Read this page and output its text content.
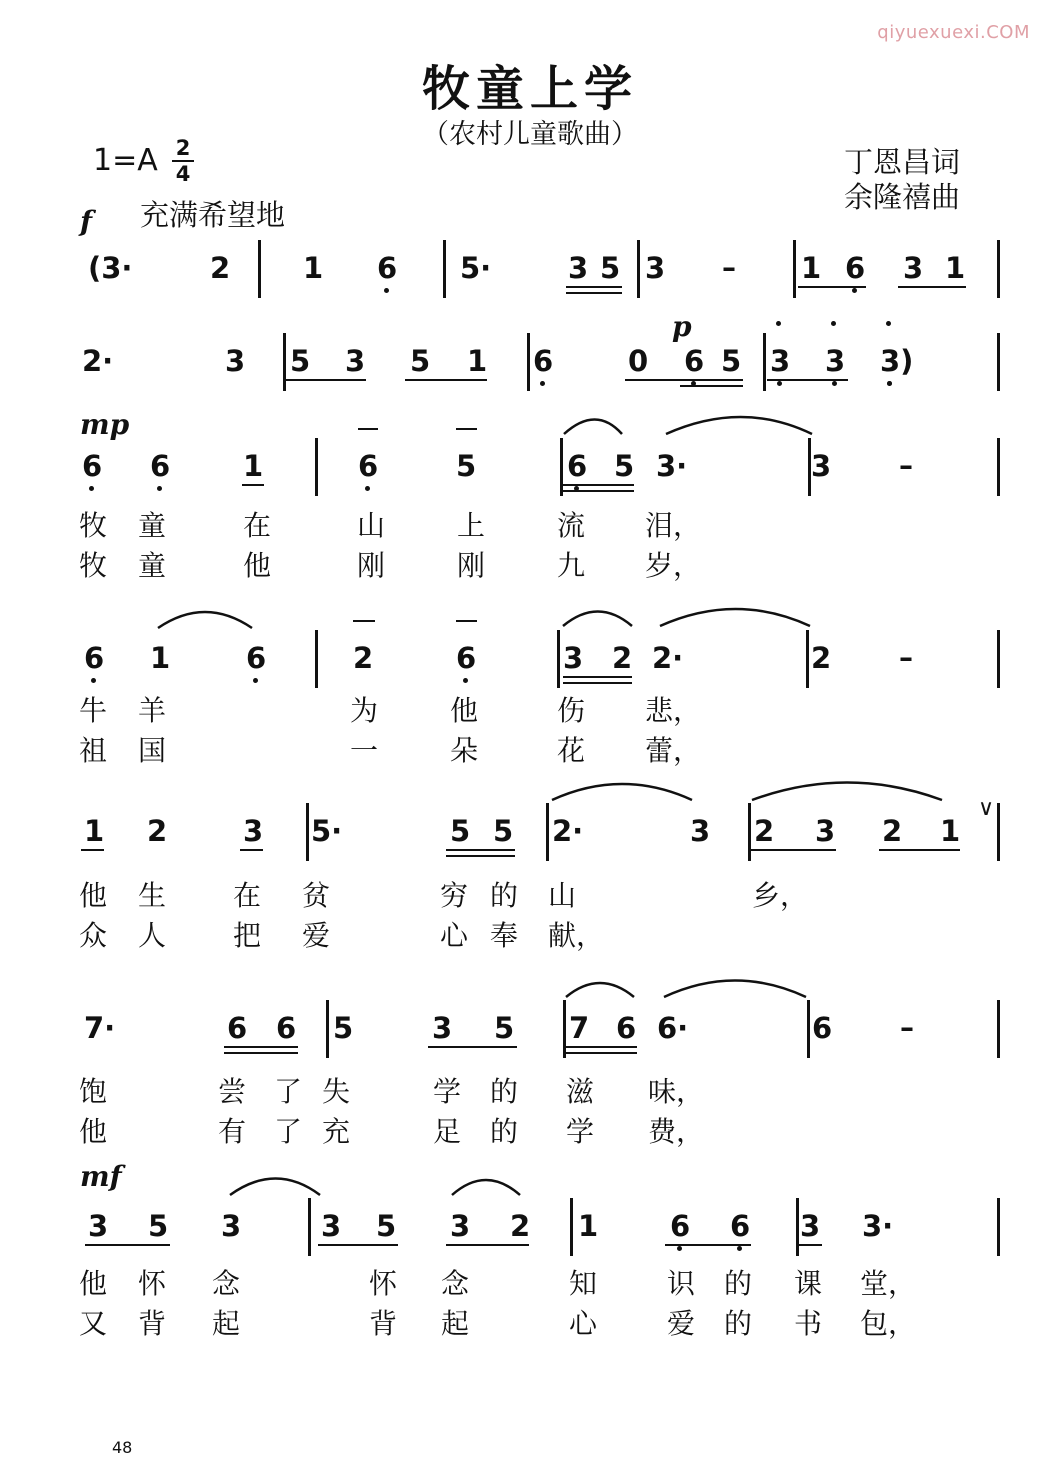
qiyuexuexi.COM
牧童上学
（农村儿童歌曲）
1=A 2
4	丁恩昌词
余隆禧曲
充满希望地
f
p
mp
mf
(3·	2	1 6 5·	3 5 3 – 1 6 3 1
2·	3 5 3 5 1 6	0 6 5 3 3 3)
6 6	1	6	5	6 5 3·	3 –
牧 童	在	山	上	流 泪，
牧 童	他	刚	刚	九 岁，
6 1	6	2	6	3 2 2·	2 –
牛 羊	为	他	伤 悲，
祖 国	一	朵	花 蕾，
1 2	3 5·	5 5 2·	3 2 3 2 1
他 生 在 贫	穷 的 山	乡，
众 人 把 爱	心 奉 献，
7·	6 6 5	3 5 7 6 6·	6 –
饱	尝 了 失	学 的 滋 味，
他	有 了 充	足 的 学 费，
3 5 3	3 5 3 2 1 6 6 3 3·
他 怀 念	怀 念	知 识 的 课 堂，
又 背 起	背 起	心 爱 的 书 包，
∨
48
